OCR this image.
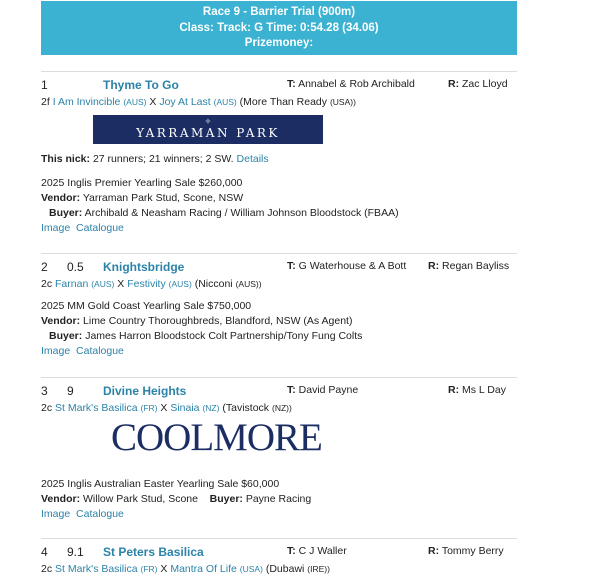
Race 9 - Barrier Trial (900m)
Class: Track: G Time: 0:54.28 (34.06)
Prizemoney:
1	Thyme To Go	T: Annabel & Rob Archibald	R: Zac Lloyd
2f I Am Invincible (AUS) X Joy At Last (AUS) (More Than Ready (USA))
✧
YARRAMAN PARK
This nick: 27 runners; 21 winners; 2 SW. Details
2025 Inglis Premier Yearling Sale $260,000
Vendor: Yarraman Park Stud, Scone, NSW
Buyer: Archibald & Neasham Racing / William Johnson Bloodstock (FBAA)
Image Catalogue
2 0.5 Knightsbridge	T: G Waterhouse & A Bott R: Regan Bayliss
2c Farnan (AUS) X Festivity (AUS) (Nicconi (AUS))
2025 MM Gold Coast Yearling Sale $750,000
Vendor: Lime Country Thoroughbreds, Blandford, NSW (As Agent)
Buyer: James Harron Bloodstock Colt Partnership/Tony Fung Colts
Image Catalogue
3 9 Divine Heights	T: David Payne	R: Ms L Day
2c St Mark's Basilica (FR) X Sinaia (NZ) (Tavistock (NZ))
COOLMORE
2025 Inglis Australian Easter Yearling Sale $60,000
Vendor: Willow Park Stud, Scone Buyer: Payne Racing
Image Catalogue
4 9.1 St Peters Basilica	T: C J Waller	R: Tommy Berry
2c St Mark's Basilica (FR) X Mantra Of Life (USA) (Dubawi (IRE))
